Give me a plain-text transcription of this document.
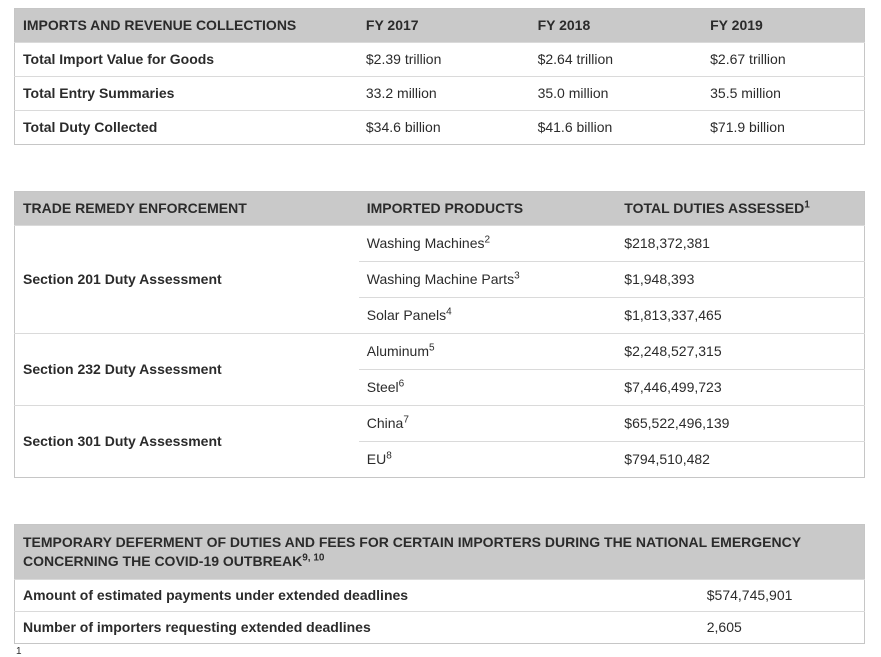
IMPORTS AND REVENUE COLLECTIONS	FY 2017	FY 2018	FY 2019
Total Import Value for Goods	$2.39 trillion	$2.64 trillion	$2.67 trillion
Total Entry Summaries	33.2 million	35.0 million	35.5 million
Total Duty Collected	$34.6 billion	$41.6 billion	$71.9 billion
TRADE REMEDY ENFORCEMENT	IMPORTED PRODUCTS	TOTAL DUTIES ASSESSED$^1$
Section 201 Duty Assessment	Washing Machines$^2$	$218,372,381
	Washing Machine Parts$^3$	$1,948,393
	Solar Panels$^4$	$1,813,337,465
Section 232 Duty Assessment	Aluminum$^5$	$2,248,527,315
	Steel$^6$	$7,446,499,723
Section 301 Duty Assessment	China$^7$	$65,522,496,139
	$EU^8$	$794,510,482
TEMPORARY DEFERMENT OF DUTIES AND FEES FOR CERTAIN IMPORTERS DURING THE NATIONAL EMERGENCY CONCERNING THE COVID-19 OUTBREAK$^{9, 10}$
Amount of estimated payments under extended deadlines	$574,745,901
Number of importers requesting extended deadlines	2,605
1
